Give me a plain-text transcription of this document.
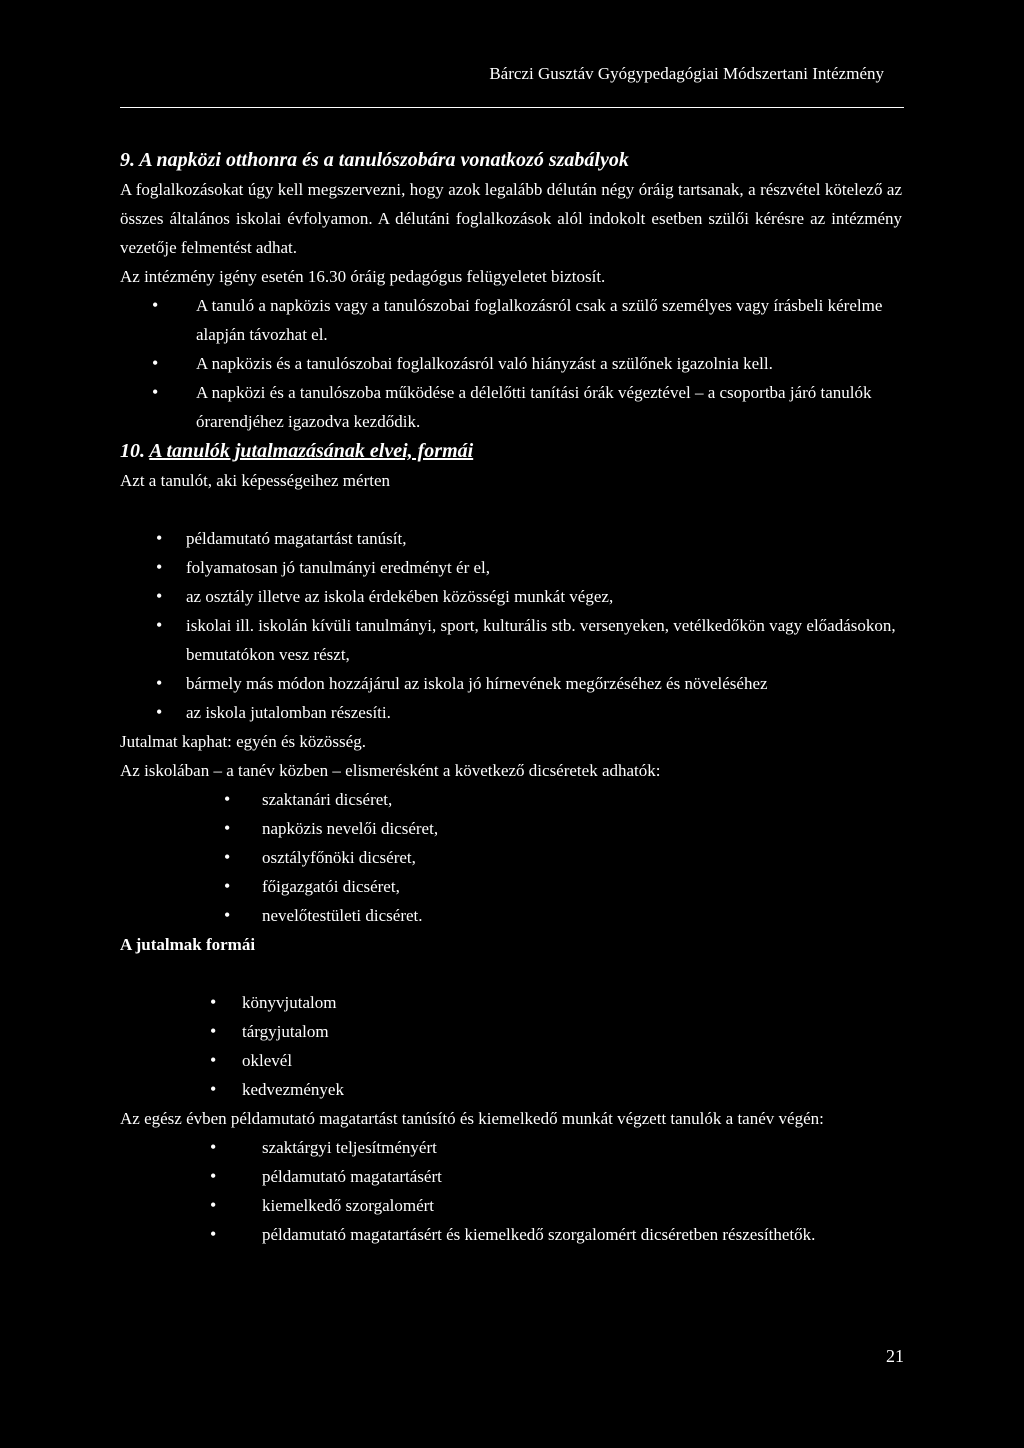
Bárczi Gusztáv Gyógypedagógiai Módszertani Intézmény
9. A napközi otthonra és a tanulószobára vonatkozó szabályok

A foglalkozásokat úgy kell megszervezni, hogy azok legalább délután négy óráig tartsanak, a részvétel kötelező az összes általános iskolai évfolyamon. A délutáni foglalkozások alól indokolt esetben szülői kérésre az intézmény vezetője felmentést adhat.

Az intézmény igény esetén 16.30 óráig pedagógus felügyeletet biztosít.

• A tanuló a napközis vagy a tanulószobai foglalkozásról csak a szülő személyes vagy írásbeli kérelme alapján távozhat el.
• A napközis és a tanulószobai foglalkozásról való hiányzást a szülőnek igazolnia kell.
• A napközi és a tanulószoba működése a délelőtti tanítási órák végeztével – a csoportba járó tanulók órarendjéhez igazodva kezdődik.
10. A tanulók jutalmazásának elvei, formái

Azt a tanulót, aki képességeihez mérten

• példamutató magatartást tanúsít,
• folyamatosan jó tanulmányi eredményt ér el,
• az osztály illetve az iskola érdekében közösségi munkát végez,
• iskolai ill. iskolán kívüli tanulmányi, sport, kulturális stb. versenyeken, vetélkedőkön vagy előadásokon, bemutatókon vesz részt,
• bármely más módon hozzájárul az iskola jó hírnevének megőrzéséhez és növeléséhez
• az iskola jutalomban részesíti.

Jutalmat kaphat: egyén és közösség.

Az iskolában – a tanév közben – elismerésként a következő dicséretek adhatók:

• szaktanári dicséret,
• napközis nevelői dicséret,
• osztályfőnöki dicséret,
• főigazgatói dicséret,
• nevelőtestületi dicséret.

A jutalmak formái

• könyvjutalom
• tárgyjutalom
• oklevél
• kedvezmények

Az egész évben példamutató magatartást tanúsító és kiemelkedő munkát végzett tanulók a tanév végén:

• szaktárgyi teljesítményért
• példamutató magatartásért
• kiemelkedő szorgalomért
• példamutató magatartásért és kiemelkedő szorgalomért dicséretben részesíthetők.
21
